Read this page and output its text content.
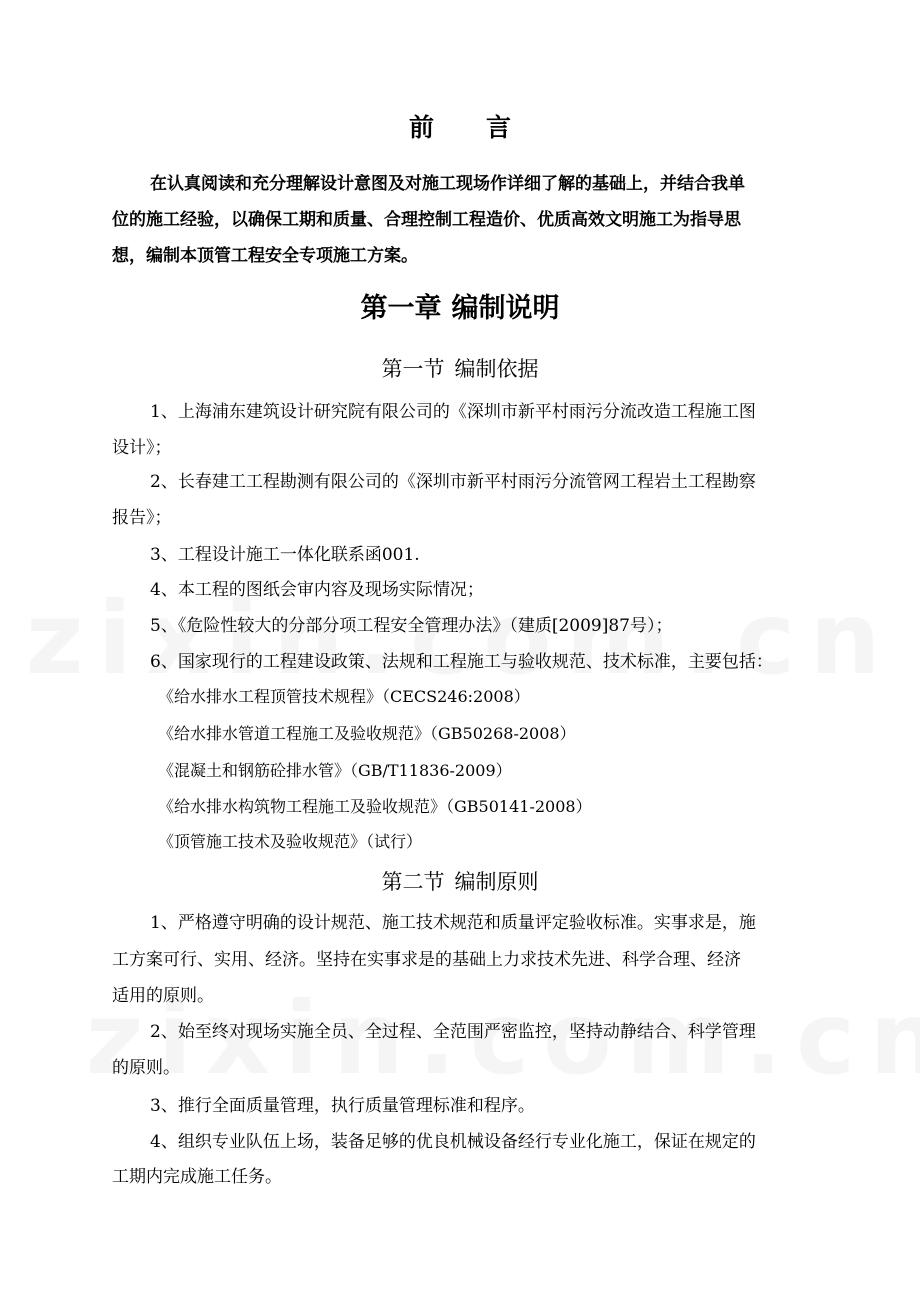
前 言
在认真阅读和充分理解设计意图及对施工现场作详细了解的基础上，并结合我单
位的施工经验，以确保工期和质量、合理控制工程造价、优质高效文明施工为指导思
想，编制本顶管工程安全专项施工方案。
第一章 编制说明
第一节 编制依据
1、上海浦东建筑设计研究院有限公司的《深圳市新平村雨污分流改造工程施工图
设计》；
2、长春建工工程勘测有限公司的《深圳市新平村雨污分流管网工程岩土工程勘察
报告》；
3、工程设计施工一体化联系函001.
4、本工程的图纸会审内容及现场实际情况；
5、《危险性较大的分部分项工程安全管理办法》（建质[2009]87号）；
6、国家现行的工程建设政策、法规和工程施工与验收规范、技术标准，主要包括：
《给水排水工程顶管技术规程》（CECS246:2008）
《给水排水管道工程施工及验收规范》（GB50268-2008）
《混凝土和钢筋砼排水管》（GB/T11836-2009）
《给水排水构筑物工程施工及验收规范》（GB50141-2008）
《顶管施工技术及验收规范》（试行）
第二节 编制原则
1、严格遵守明确的设计规范、施工技术规范和质量评定验收标准。实事求是，施
工方案可行、实用、经济。坚持在实事求是的基础上力求技术先进、科学合理、经济
适用的原则。
2、始至终对现场实施全员、全过程、全范围严密监控，坚持动静结合、科学管理
的原则。
3、推行全面质量管理，执行质量管理标准和程序。
4、组织专业队伍上场，装备足够的优良机械设备经行专业化施工，保证在规定的
工期内完成施工任务。
